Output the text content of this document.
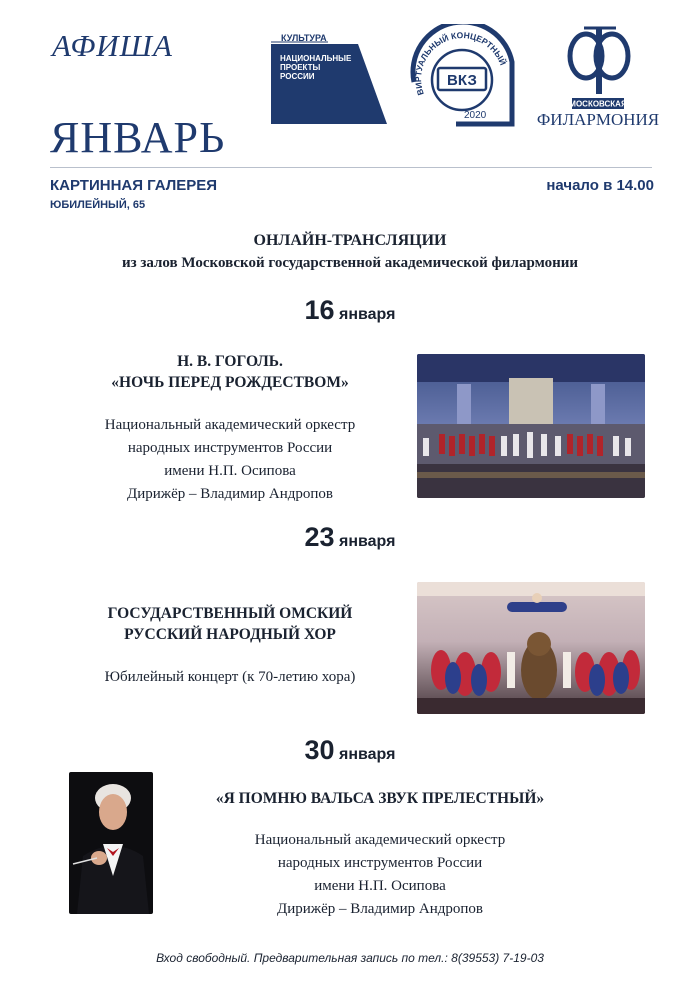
АФИША
ЯНВАРЬ
КУЛЬТУРА
НАЦИОНАЛЬНЫЕ
ПРОЕКТЫ
РОССИИ
ВИРТУАЛЬНЫЙ КОНЦЕРТНЫЙ
ВКЗ
2020
МОСКОВСКАЯ
ФИЛАРМОНИЯ
КАРТИННАЯ ГАЛЕРЕЯ
ЮБИЛЕЙНЫЙ, 65
начало в 14.00
ОНЛАЙН-ТРАНСЛЯЦИИ
из залов Московской государственной академической филармонии
16 января
Н. В. ГОГОЛЬ.
«НОЧЬ ПЕРЕД РОЖДЕСТВОМ»
Национальный академический оркестр
народных инструментов России
имени Н.П. Осипова
Дирижёр – Владимир Андропов
23 января
ГОСУДАРСТВЕННЫЙ ОМСКИЙ
РУССКИЙ НАРОДНЫЙ ХОР
Юбилейный концерт (к 70-летию хора)
30 января
«Я ПОМНЮ ВАЛЬСА ЗВУК ПРЕЛЕСТНЫЙ»
Национальный академический оркестр
народных инструментов России
имени Н.П. Осипова
Дирижёр – Владимир Андропов
Вход свободный. Предварительная запись по тел.: 8(39553) 7-19-03
